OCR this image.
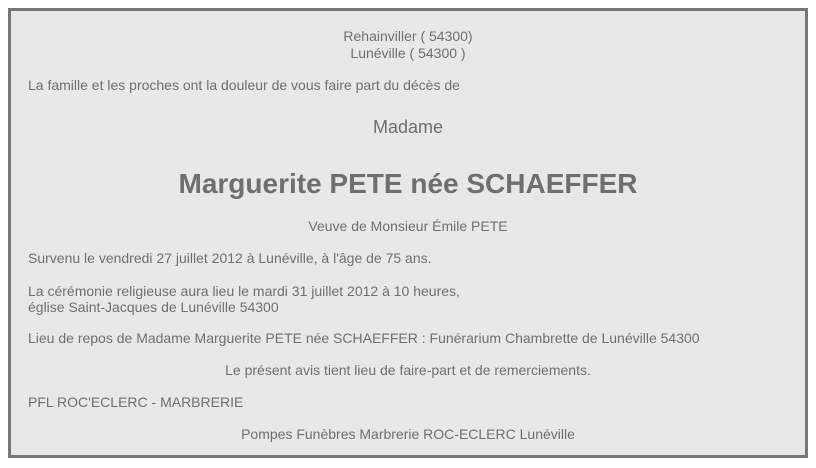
Rehainviller ( 54300)
Lunéville ( 54300 )
La famille et les proches ont la douleur de vous faire part du décès de
Madame
Marguerite PETE née SCHAEFFER
Veuve de Monsieur Émile PETE
Survenu le vendredi 27 juillet 2012 à Lunéville, à l'âge de 75 ans.
La cérémonie religieuse aura lieu le mardi 31 juillet 2012 à 10 heures,
église Saint-Jacques de Lunéville 54300
Lieu de repos de Madame Marguerite PETE née SCHAEFFER : Funérarium Chambrette de Lunéville 54300
Le présent avis tient lieu de faire-part et de remerciements.
PFL ROC'ECLERC - MARBRERIE
Pompes Funèbres Marbrerie ROC-ECLERC Lunéville
